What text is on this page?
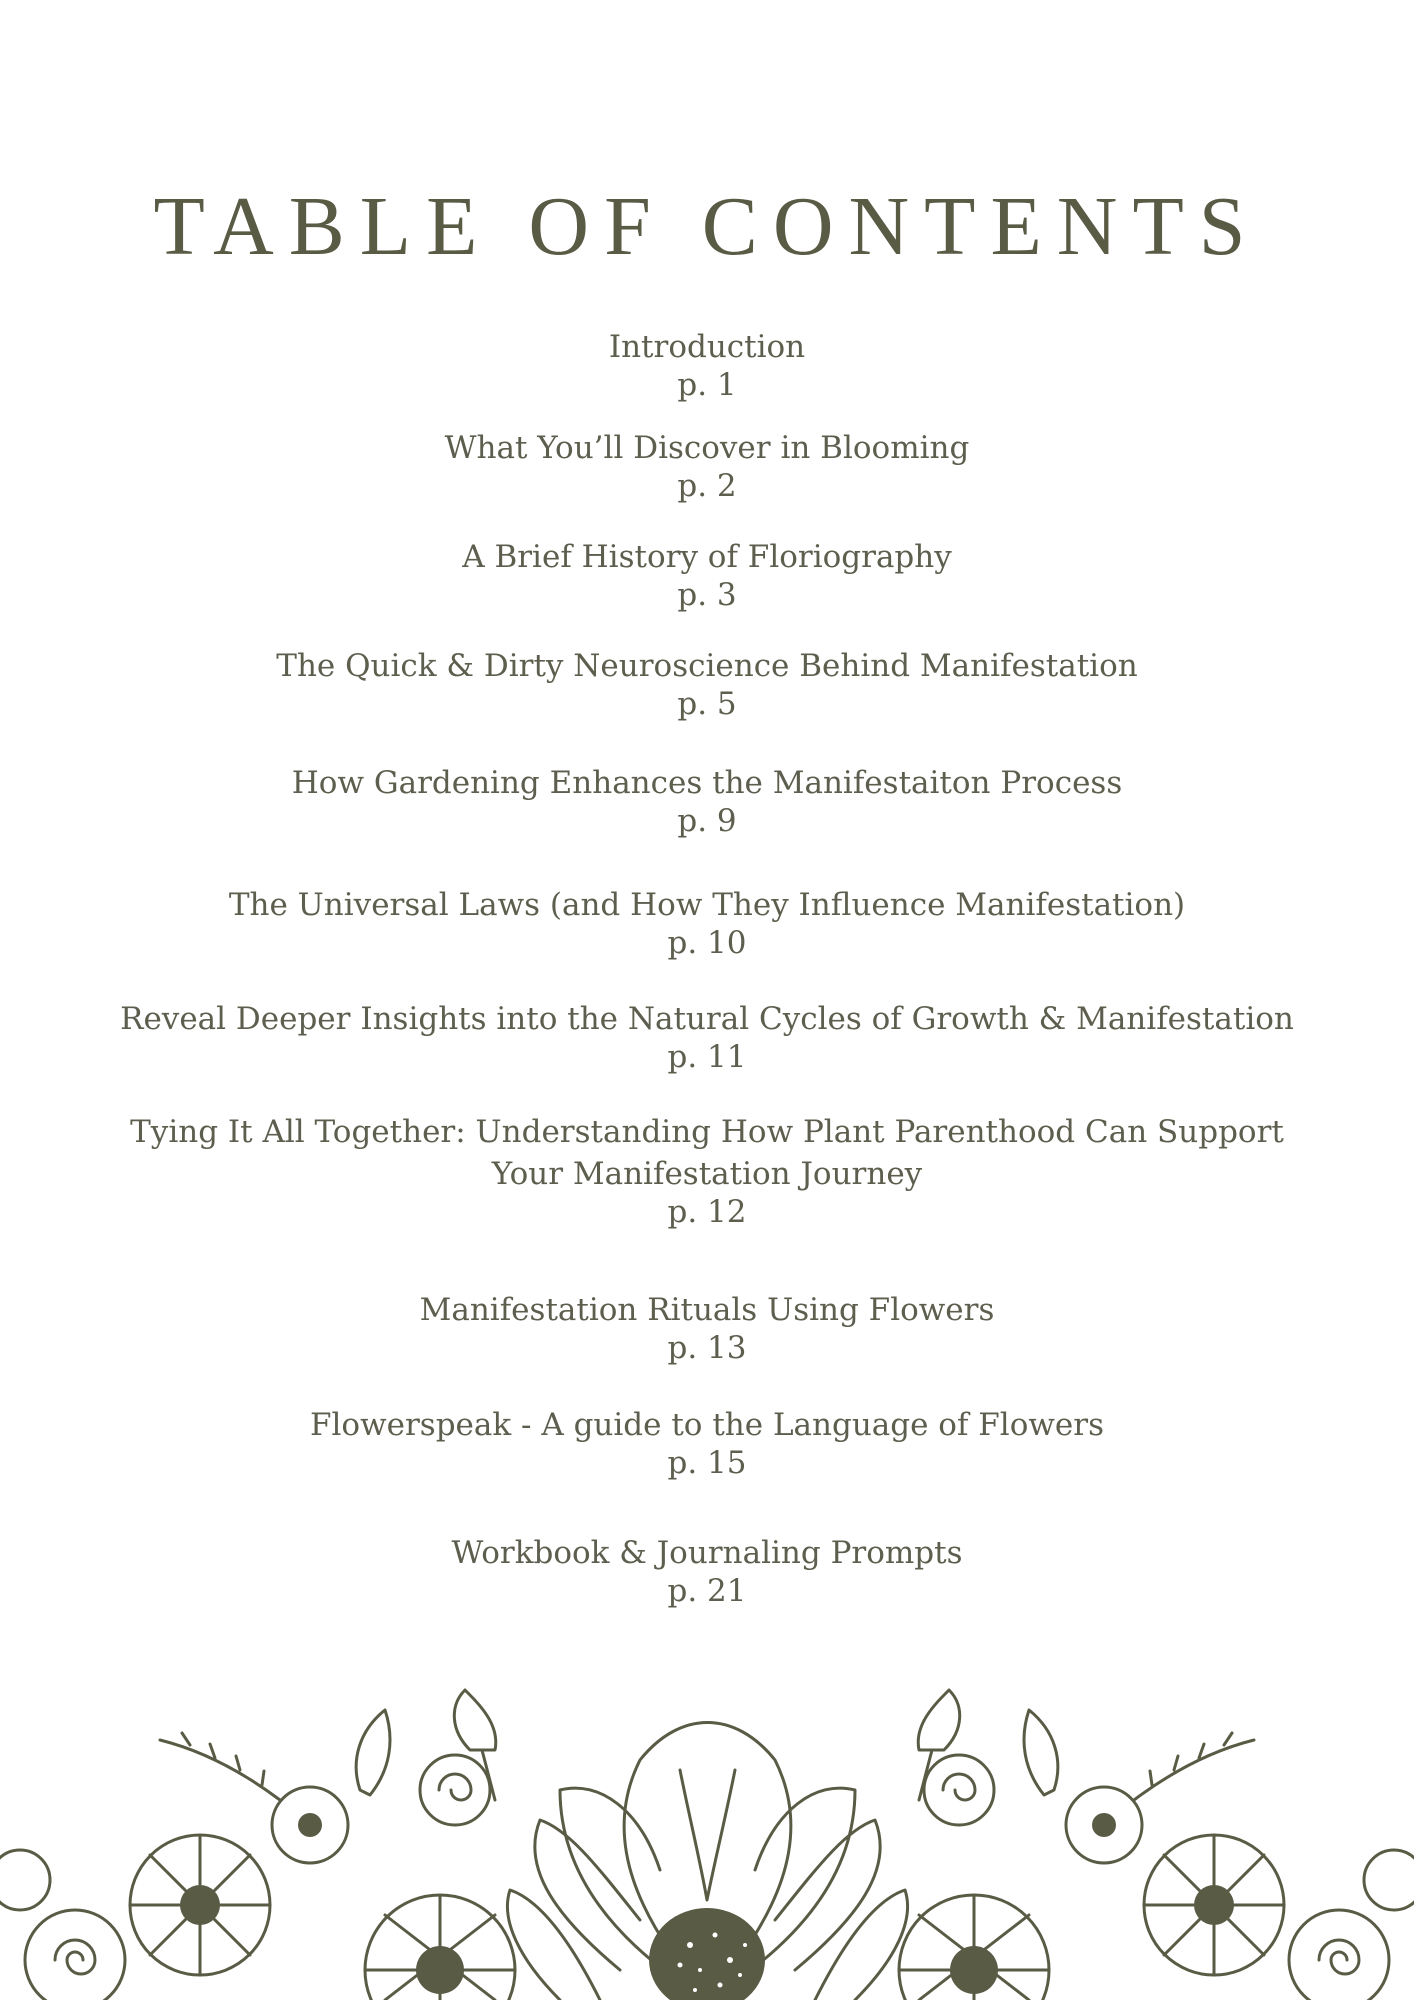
TABLE OF CONTENTS
Introduction
p. 1
What You’ll Discover in Blooming
p. 2
A Brief History of Floriography
p. 3
The Quick & Dirty Neuroscience Behind Manifestation
p. 5
How Gardening Enhances the Manifestaiton Process
p. 9
The Universal Laws (and How They Influence Manifestation)
p. 10
Reveal Deeper Insights into the Natural Cycles of Growth & Manifestation
p. 11
Tying It All Together: Understanding How Plant Parenthood Can Support
Your Manifestation Journey
p. 12
Manifestation Rituals Using Flowers
p. 13
Flowerspeak - A guide to the Language of Flowers
p. 15
Workbook & Journaling Prompts
p. 21
